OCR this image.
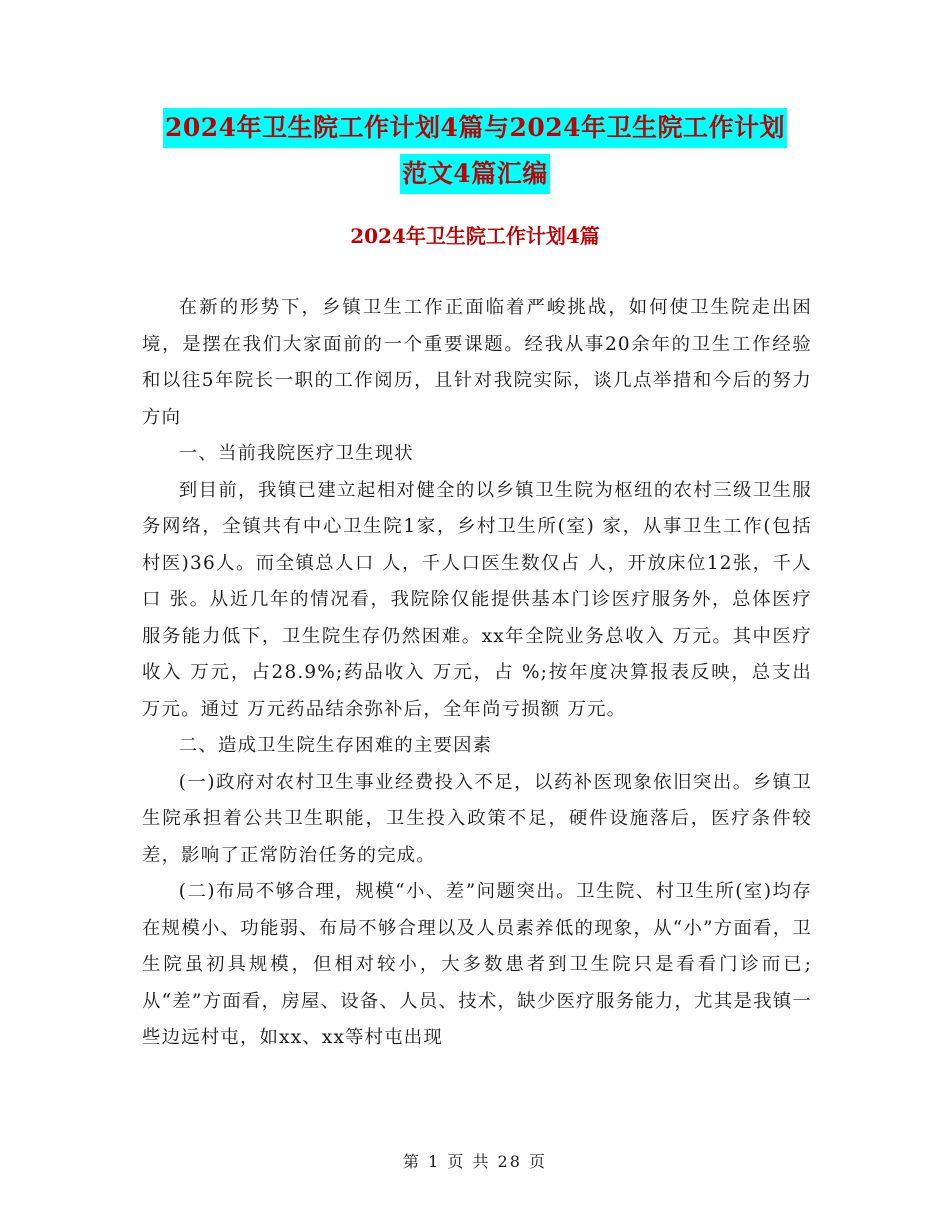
2024年卫生院工作计划4篇与2024年卫生院工作计划
范文4篇汇编
2024年卫生院工作计划4篇

在新的形势下，乡镇卫生工作正面临着严峻挑战，如何使卫生院走出困境，是摆在我们大家面前的一个重要课题。经我从事20余年的卫生工作经验和以往5年院长一职的工作阅历，且针对我院实际，谈几点举措和今后的努力方向

一、当前我院医疗卫生现状

到目前，我镇已建立起相对健全的以乡镇卫生院为枢纽的农村三级卫生服务网络，全镇共有中心卫生院1家，乡村卫生所(室) 家，从事卫生工作(包括村医)36人。而全镇总人口 人，千人口医生数仅占 人，开放床位12张，千人口 张。从近几年的情况看，我院除仅能提供基本门诊医疗服务外，总体医疗服务能力低下，卫生院生存仍然困难。xx年全院业务总收入 万元。其中医疗收入 万元，占28.9%;药品收入 万元，占 %;按年度决算报表反映，总支出 万元。通过 万元药品结余弥补后，全年尚亏损额 万元。

二、造成卫生院生存困难的主要因素

(一)政府对农村卫生事业经费投入不足，以药补医现象依旧突出。乡镇卫生院承担着公共卫生职能，卫生投入政策不足，硬件设施落后，医疗条件较差，影响了正常防治任务的完成。

(二)布局不够合理，规模“小、差”问题突出。卫生院、村卫生所(室)均存在规模小、功能弱、布局不够合理以及人员素养低的现象，从“小”方面看，卫生院虽初具规模，但相对较小，大多数患者到卫生院只是看看门诊而已;从“差”方面看，房屋、设备、人员、技术，缺少医疗服务能力，尤其是我镇一些边远村屯，如xx、xx等村屯出现

第 1 页 共 28 页
